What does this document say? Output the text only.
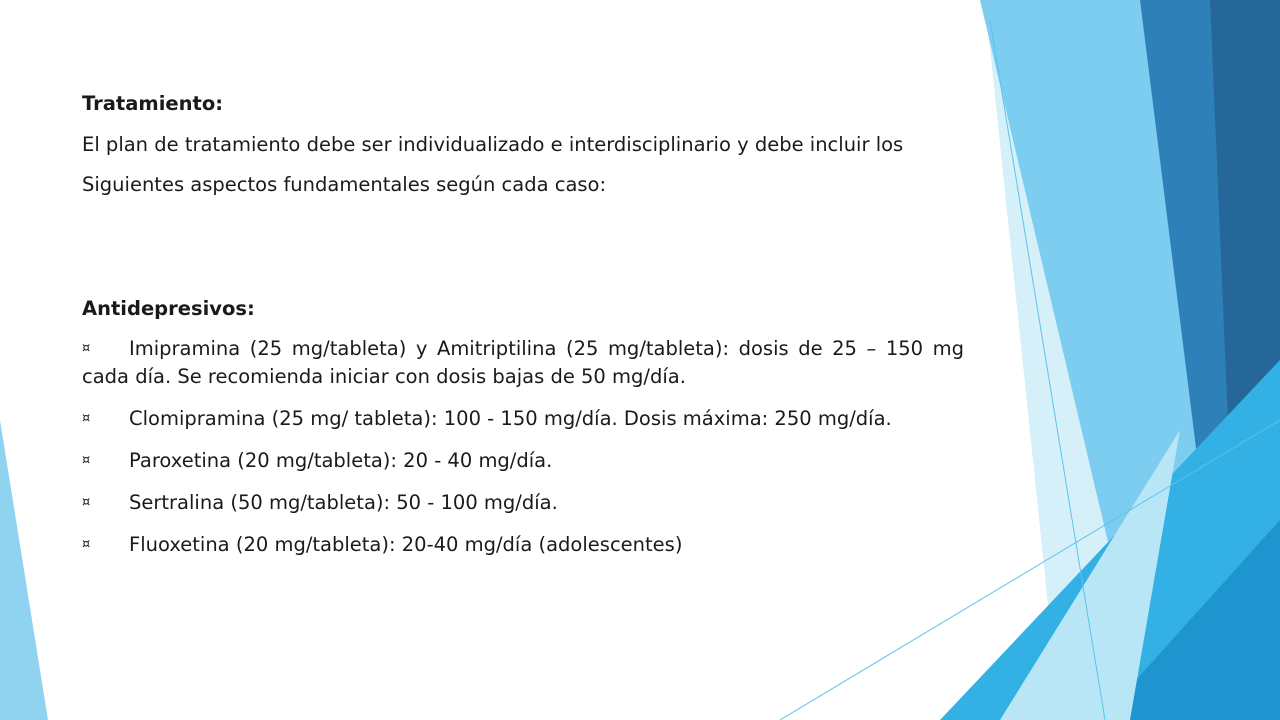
Tratamiento:

El plan de tratamiento debe ser individualizado e interdisciplinario y debe incluir los

Siguientes aspectos fundamentales según cada caso:

Antidepresivos:

¤ Imipramina (25 mg/tableta) y Amitriptilina (25 mg/tableta): dosis de 25 – 150 mg cada día. Se recomienda iniciar con dosis bajas de 50 mg/día.

¤ Clomipramina (25 mg/ tableta): 100 - 150 mg/día. Dosis máxima: 250 mg/día.

¤ Paroxetina (20 mg/tableta): 20 - 40 mg/día.

¤ Sertralina (50 mg/tableta): 50 - 100 mg/día.

¤ Fluoxetina (20 mg/tableta): 20-40 mg/día (adolescentes)
